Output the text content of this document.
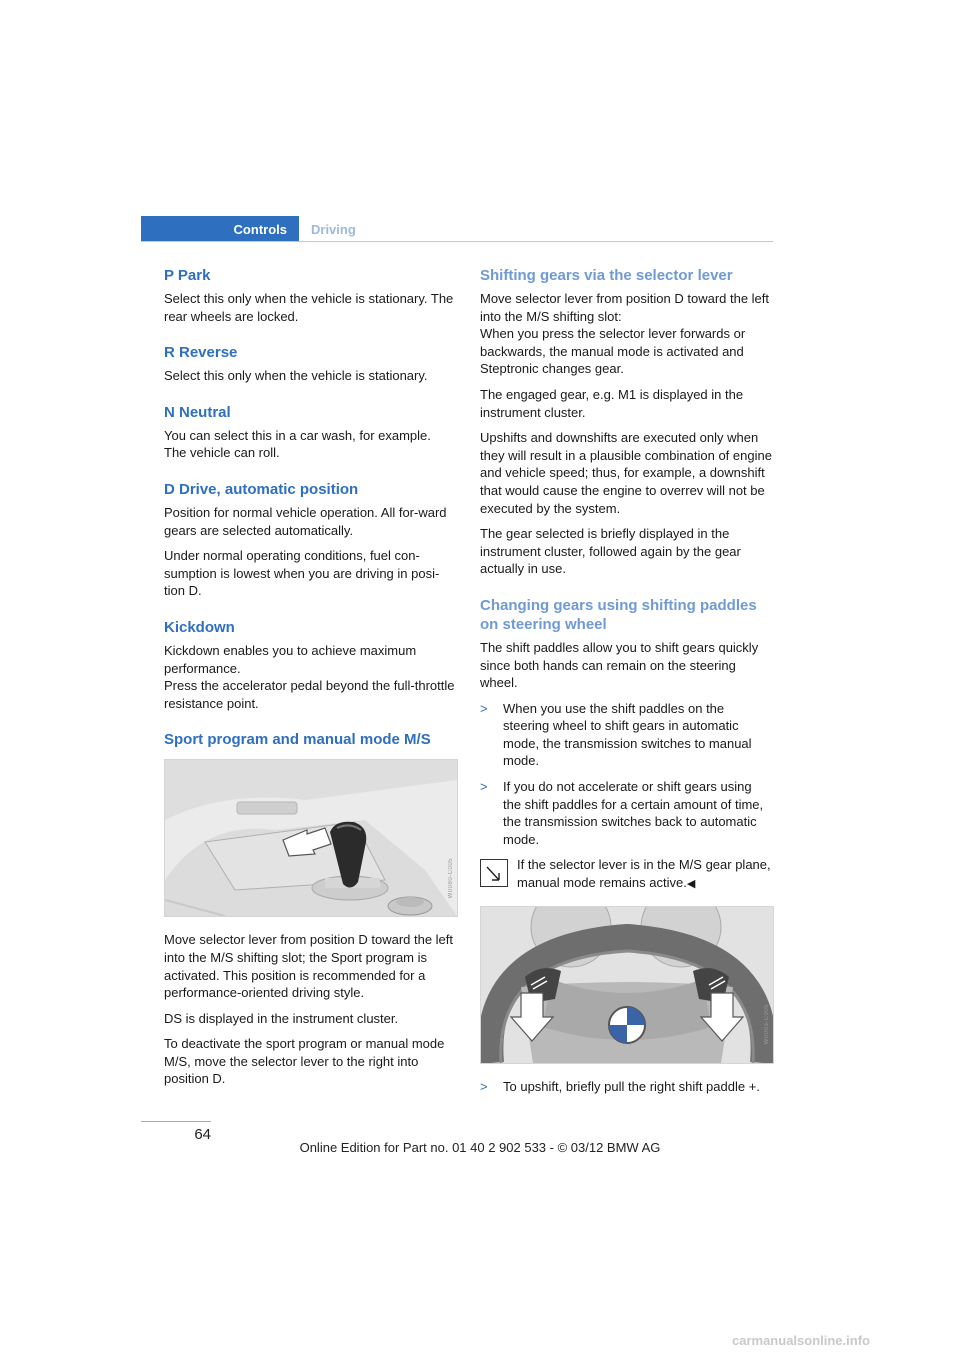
Controls	Driving
P Park

Select this only when the vehicle is stationary. The rear wheels are locked.

R Reverse

Select this only when the vehicle is stationary.

N Neutral

You can select this in a car wash, for example. The vehicle can roll.

D Drive, automatic position

Position for normal vehicle operation. All for-ward gears are selected automatically.

Under normal operating conditions, fuel con-sumption is lowest when you are driving in posi-tion D.

Kickdown

Kickdown enables you to achieve maximum performance.

Press the accelerator pedal beyond the full-throttle resistance point.

Sport program and manual mode M/S
W0080-C005

Move selector lever from position D toward the left into the M/S shifting slot; the Sport program is activated. This position is recommended for a performance-oriented driving style.

DS is displayed in the instrument cluster.

To deactivate the sport program or manual mode M/S, move the selector lever to the right into position D.

Shifting gears via the selector lever

Move selector lever from position D toward the left into the M/S shifting slot:

When you press the selector lever forwards or backwards, the manual mode is activated and Steptronic changes gear.

The engaged gear, e.g. M1 is displayed in the instrument cluster.

Upshifts and downshifts are executed only when they will result in a plausible combination of engine and vehicle speed; thus, for example, a downshift that would cause the engine to overrev will not be executed by the system.

The gear selected is briefly displayed in the instrument cluster, followed again by the gear actually in use.

Changing gears using shifting paddles on steering wheel

The shift paddles allow you to shift gears quickly since both hands can remain on the steering wheel.

> When you use the shift paddles on the steering wheel to shift gears in automatic mode, the transmission switches to manual mode.
> If you do not accelerate or shift gears using the shift paddles for a certain amount of time, the transmission switches back to automatic mode.
If the selector lever is in the M/S gear plane, manual mode remains active.◀
W0003-C005
> To upshift, briefly pull the right shift paddle +.
64
Online Edition for Part no. 01 40 2 902 533 - © 03/12 BMW AG
carmanualsonline.info
